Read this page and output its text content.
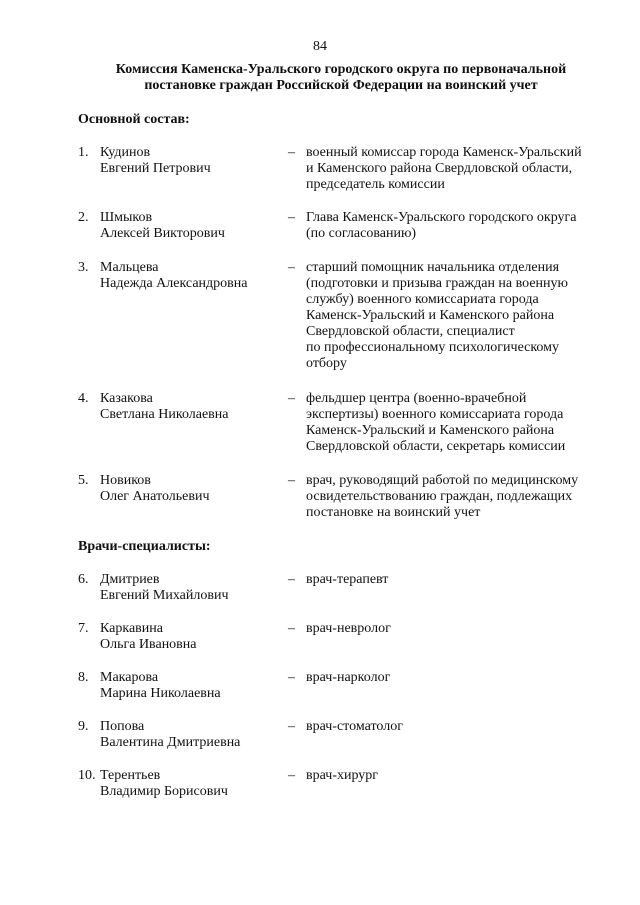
84
Комиссия Каменска-Уральского городского округа по первоначальной
постановке граждан Российской Федерации на воинский учет
Основной состав:
1. Кудинов
Евгений Петрович
– военный комиссар города Каменск-Уральский
и Каменского района Свердловской области,
председатель комиссии
2. Шмыков
Алексей Викторович
– Глава Каменск-Уральского городского округа
(по согласованию)
3. Мальцева
Надежда Александровна
– старший помощник начальника отделения
(подготовки и призыва граждан на военную
службу) военного комиссариата города
Каменск-Уральский и Каменского района
Свердловской области, специалист
по профессиональному психологическому
отбору
4. Казакова
Светлана Николаевна
– фельдшер центра (военно-врачебной
экспертизы) военного комиссариата города
Каменск-Уральский и Каменского района
Свердловской области, секретарь комиссии
5. Новиков
Олег Анатольевич
– врач, руководящий работой по медицинскому
освидетельствованию граждан, подлежащих
постановке на воинский учет
Врачи-специалисты:
6. Дмитриев
Евгений Михайлович
– врач-терапевт
7. Каркавина
Ольга Ивановна
– врач-невролог
8. Макарова
Марина Николаевна
– врач-нарколог
9. Попова
Валентина Дмитриевна
– врач-стоматолог
10. Терентьев
Владимир Борисович
– врач-хирург
